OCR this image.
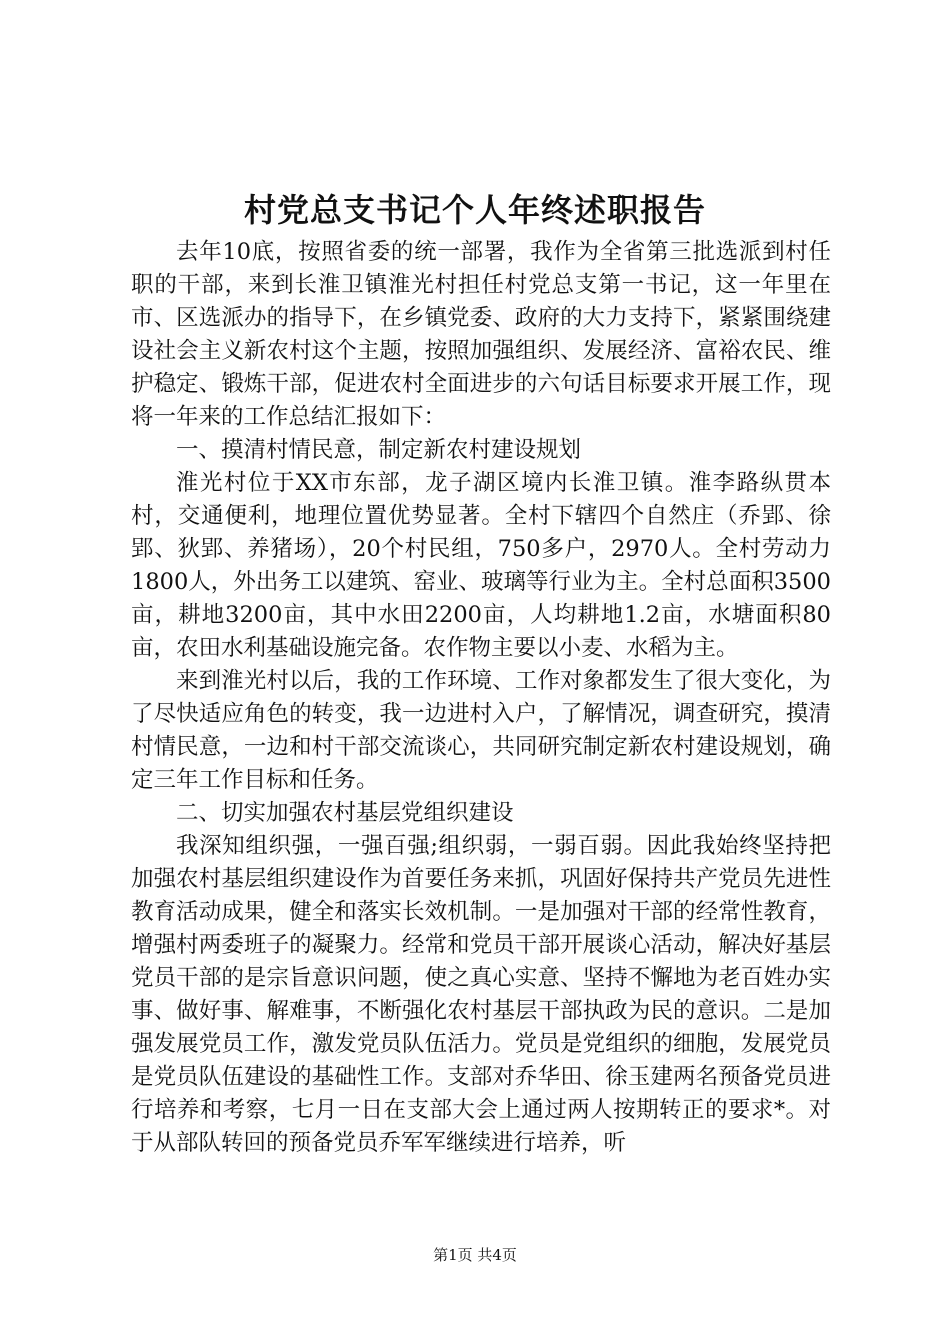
村党总支书记个人年终述职报告

去年10底，按照省委的统一部署，我作为全省第三批选派到村任职的干部，来到长淮卫镇淮光村担任村党总支第一书记，这一年里在市、区选派办的指导下，在乡镇党委、政府的大力支持下，紧紧围绕建设社会主义新农村这个主题，按照加强组织、发展经济、富裕农民、维护稳定、锻炼干部，促进农村全面进步的六句话目标要求开展工作，现将一年来的工作总结汇报如下：

一、摸清村情民意，制定新农村建设规划

淮光村位于XX市东部，龙子湖区境内长淮卫镇。淮李路纵贯本村，交通便利，地理位置优势显著。全村下辖四个自然庄（乔郢、徐郢、狄郢、养猪场），20个村民组，750多户，2970人。全村劳动力1800人，外出务工以建筑、窑业、玻璃等行业为主。全村总面积3500亩，耕地3200亩，其中水田2200亩，人均耕地1.2亩，水塘面积80亩，农田水利基础设施完备。农作物主要以小麦、水稻为主。

来到淮光村以后，我的工作环境、工作对象都发生了很大变化，为了尽快适应角色的转变，我一边进村入户，了解情况，调查研究，摸清村情民意，一边和村干部交流谈心，共同研究制定新农村建设规划，确定三年工作目标和任务。

二、切实加强农村基层党组织建设

我深知组织强，一强百强;组织弱，一弱百弱。因此我始终坚持把加强农村基层组织建设作为首要任务来抓，巩固好保持共产党员先进性教育活动成果，健全和落实长效机制。一是加强对干部的经常性教育，增强村两委班子的凝聚力。经常和党员干部开展谈心活动，解决好基层党员干部的是宗旨意识问题，使之真心实意、坚持不懈地为老百姓办实事、做好事、解难事，不断强化农村基层干部执政为民的意识。二是加强发展党员工作，激发党员队伍活力。党员是党组织的细胞，发展党员是党员队伍建设的基础性工作。支部对乔华田、徐玉建两名预备党员进行培养和考察，七月一日在支部大会上通过两人按期转正的要求*。对于从部队转回的预备党员乔军军继续进行培养，听

第1页 共4页
